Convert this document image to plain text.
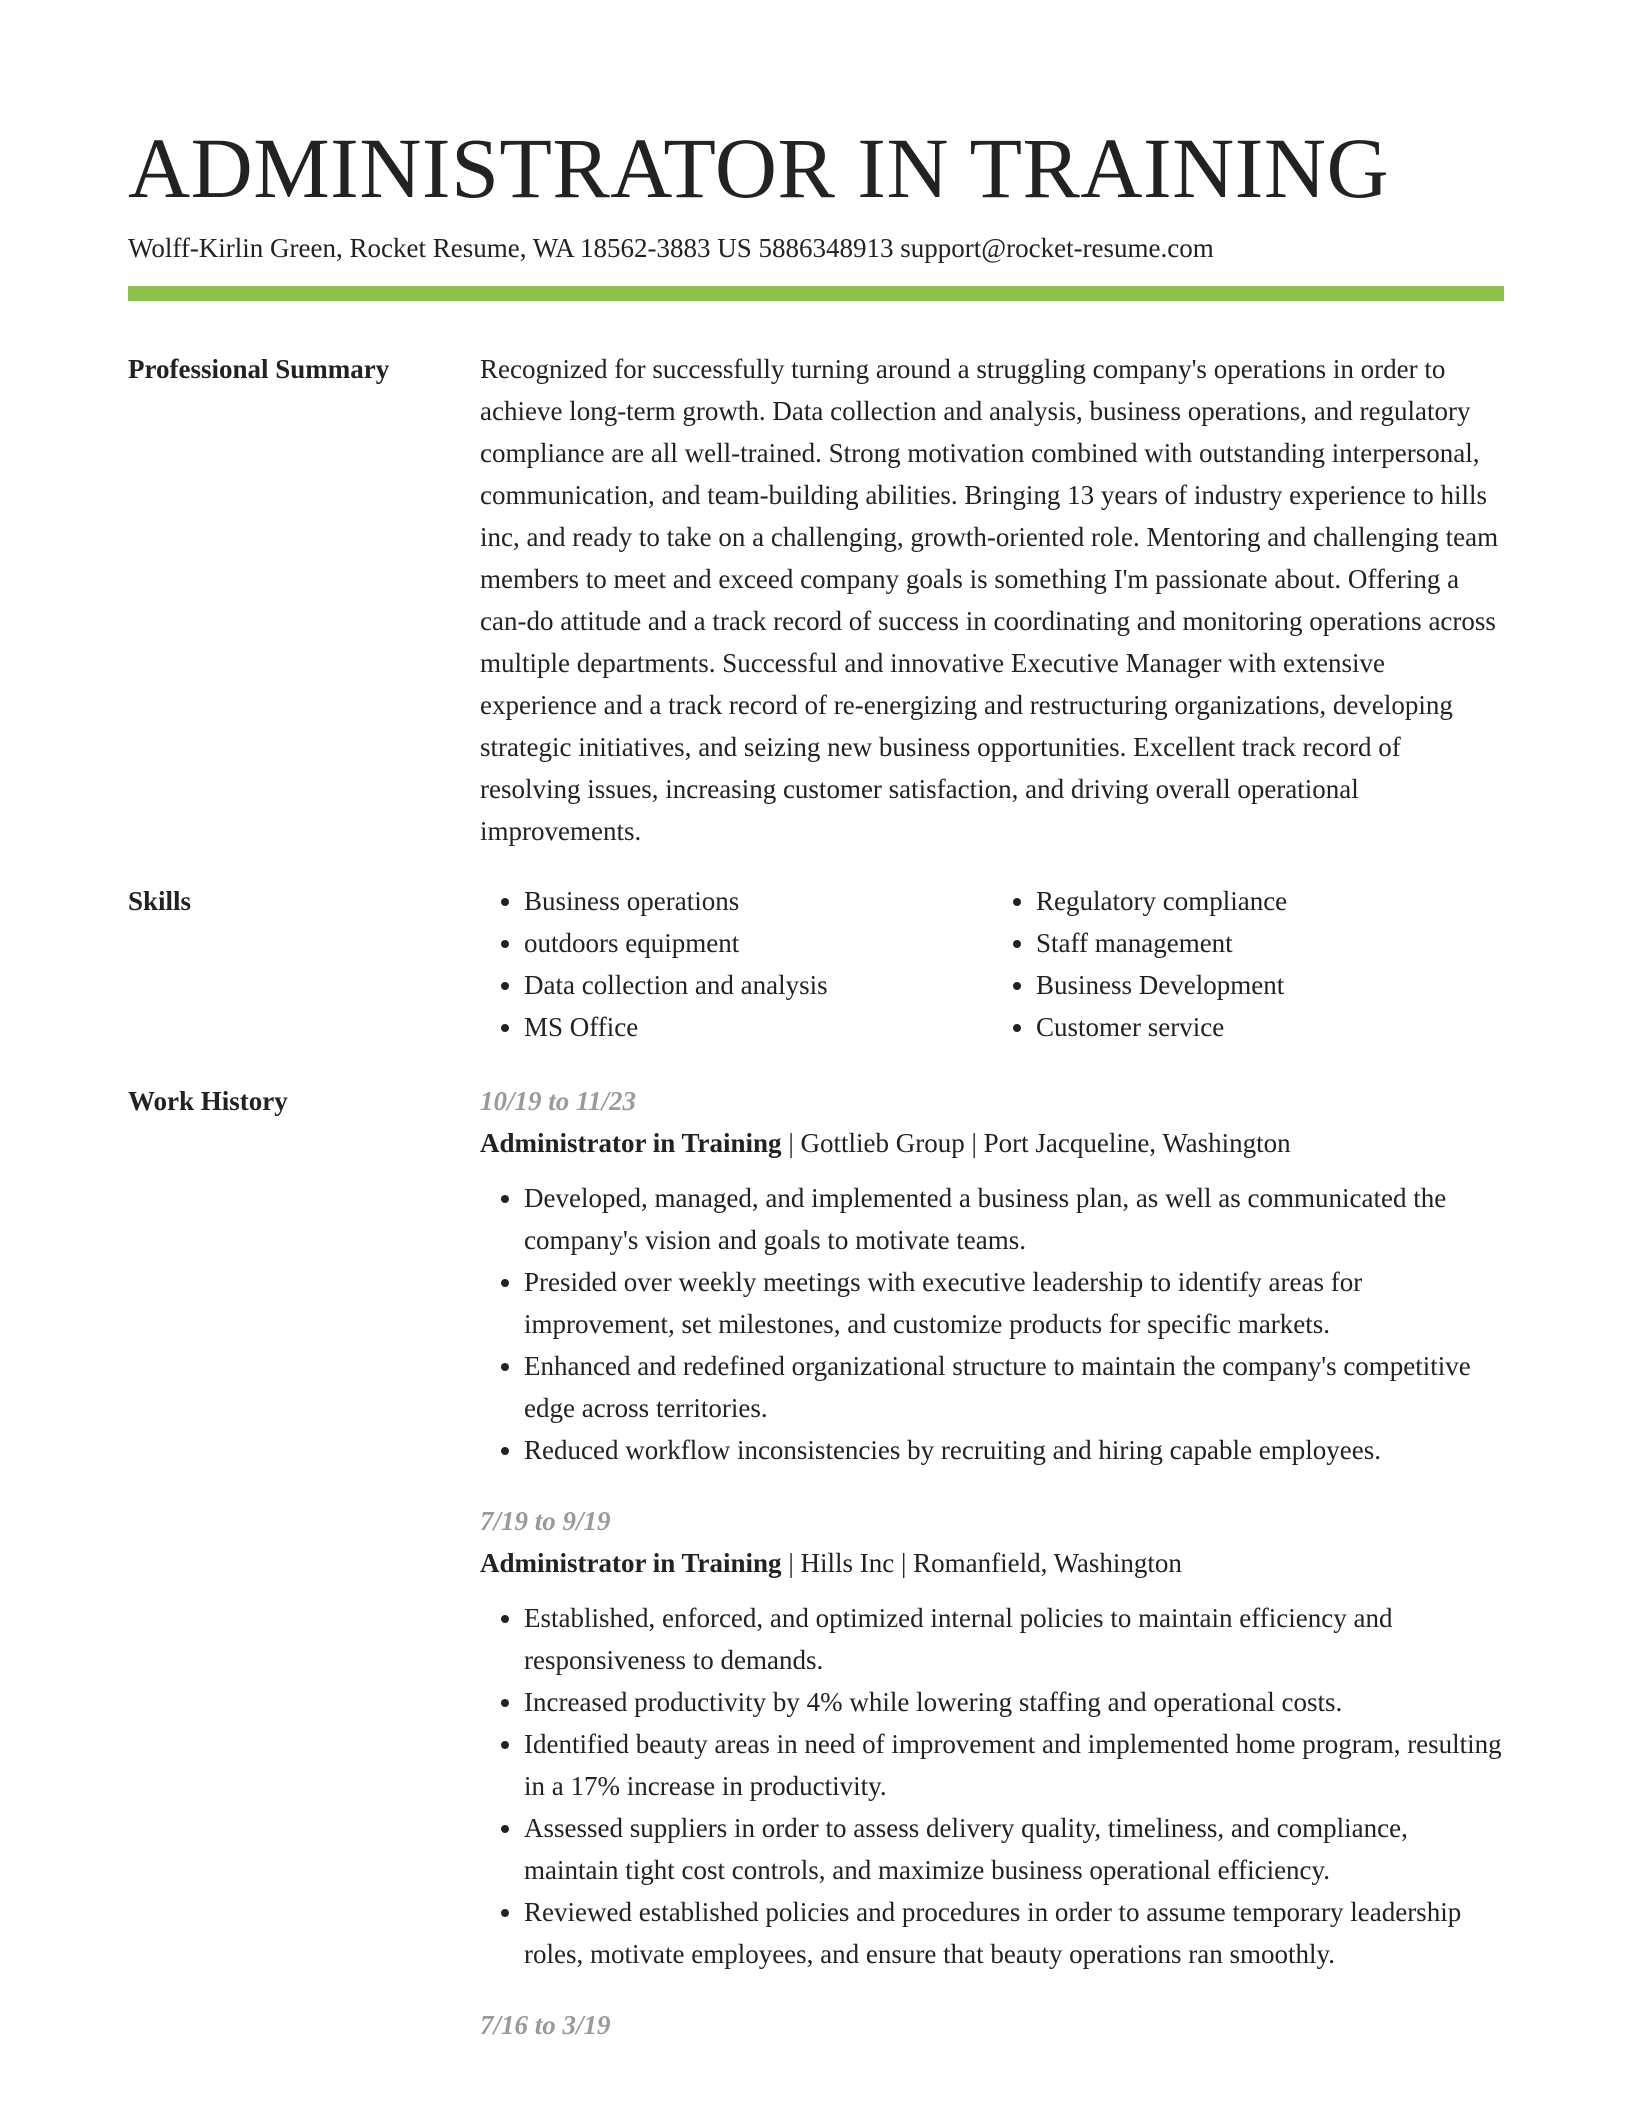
ADMINISTRATOR IN TRAINING
Wolff-Kirlin Green, Rocket Resume, WA 18562-3883 US 5886348913 support@rocket-resume.com
Professional Summary	Recognized for successfully turning around a struggling company's operations in order to achieve long-term growth. Data collection and analysis, business operations, and regulatory compliance are all well-trained. Strong motivation combined with outstanding interpersonal, communication, and team-building abilities. Bringing 13 years of industry experience to hills inc, and ready to take on a challenging, growth-oriented role. Mentoring and challenging team members to meet and exceed company goals is something I'm passionate about. Offering a can-do attitude and a track record of success in coordinating and monitoring operations across multiple departments. Successful and innovative Executive Manager with extensive experience and a track record of re-energizing and restructuring organizations, developing strategic initiatives, and seizing new business opportunities. Excellent track record of resolving issues, increasing customer satisfaction, and driving overall operational improvements.

Skills
•	Business operations
• outdoors equipment
• Data collection and analysis
• MS Office
• Regulatory compliance
• Staff management
• Business Development
• Customer service
Work History	10/19 to 11/23
Administrator in Training | Gottlieb Group | Port Jacqueline, Washington
• Developed, managed, and implemented a business plan, as well as communicated the company's vision and goals to motivate teams.
• Presided over weekly meetings with executive leadership to identify areas for improvement, set milestones, and customize products for specific markets.
• Enhanced and redefined organizational structure to maintain the company's competitive edge across territories.
• Reduced workflow inconsistencies by recruiting and hiring capable employees.
7/19 to 9/19
Administrator in Training | Hills Inc | Romanfield, Washington
• Established, enforced, and optimized internal policies to maintain efficiency and responsiveness to demands.
• Increased productivity by 4% while lowering staffing and operational costs.
• Identified beauty areas in need of improvement and implemented home program, resulting in a 17% increase in productivity.
• Assessed suppliers in order to assess delivery quality, timeliness, and compliance, maintain tight cost controls, and maximize business operational efficiency.
• Reviewed established policies and procedures in order to assume temporary leadership roles, motivate employees, and ensure that beauty operations ran smoothly.
7/16 to 3/19
